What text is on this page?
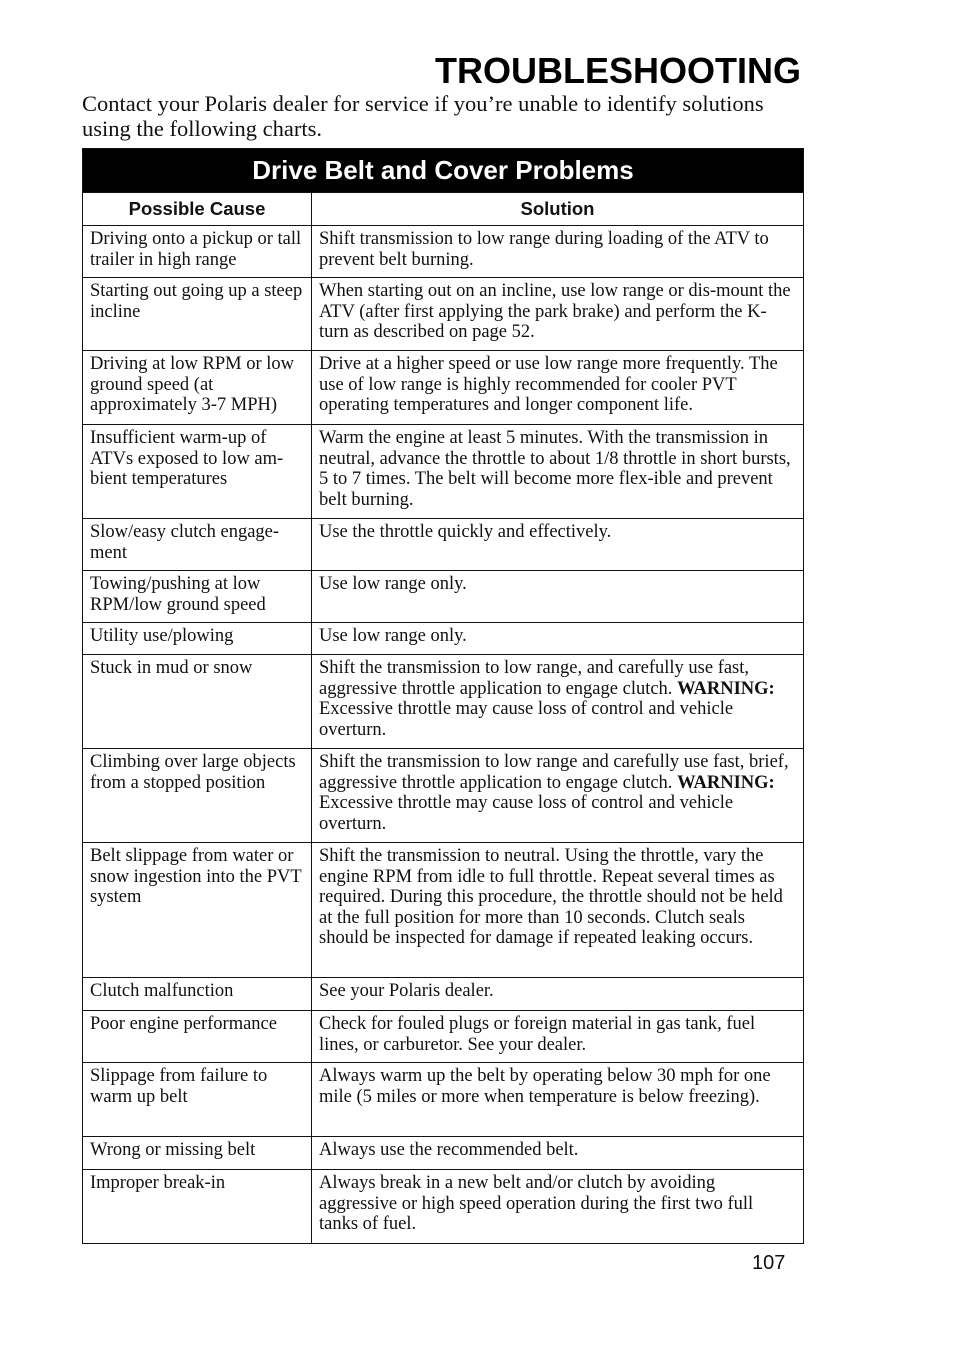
TROUBLESHOOTING

Contact your Polaris dealer for service if you’re unable to identify solutions using the following charts.

Drive Belt and Cover Problems	
Possible Cause	Solution
Driving onto a pickup or tall trailer in high range	Shift transmission to low range during loading of the ATV to prevent belt burning.
Starting out going up a steep incline	When starting out on an incline, use low range or dis-mount the ATV (after first applying the park brake) and perform the K-turn as described on page 52.
Driving at low RPM or low ground speed (at approximately 3-7 MPH)	Drive at a higher speed or use low range more frequently. The use of low range is highly recommended for cooler PVT operating temperatures and longer component life.
Insufficient warm-up of ATVs exposed to low am-bient temperatures	Warm the engine at least 5 minutes. With the transmission in neutral, advance the throttle to about 1/8 throttle in short bursts, 5 to 7 times. The belt will become more flex-ible and prevent belt burning.
Slow/easy clutch engage-ment	Use the throttle quickly and effectively.
Towing/pushing at low RPM/low ground speed	Use low range only.
Utility use/plowing	Use low range only.
Stuck in mud or snow	Shift the transmission to low range, and carefully use fast, aggressive throttle application to engage clutch. WARNING: Excessive throttle may cause loss of control and vehicle overturn.
Climbing over large objects from a stopped position	Shift the transmission to low range and carefully use fast, brief, aggressive throttle application to engage clutch. WARNING: Excessive throttle may cause loss of control and vehicle overturn.
Belt slippage from water or snow ingestion into the PVT system	Shift the transmission to neutral. Using the throttle, vary the engine RPM from idle to full throttle. Repeat several times as required. During this procedure, the throttle should not be held at the full position for more than 10 seconds. Clutch seals should be inspected for damage if repeated leaking occurs.
Clutch malfunction	See your Polaris dealer.
Poor engine performance	Check for fouled plugs or foreign material in gas tank, fuel lines, or carburetor. See your dealer.
Slippage from failure to warm up belt	Always warm up the belt by operating below 30 mph for one mile (5 miles or more when temperature is below freezing).
Wrong or missing belt	Always use the recommended belt.
Improper break-in	Always break in a new belt and/or clutch by avoiding aggressive or high speed operation during the first two full tanks of fuel.
107
